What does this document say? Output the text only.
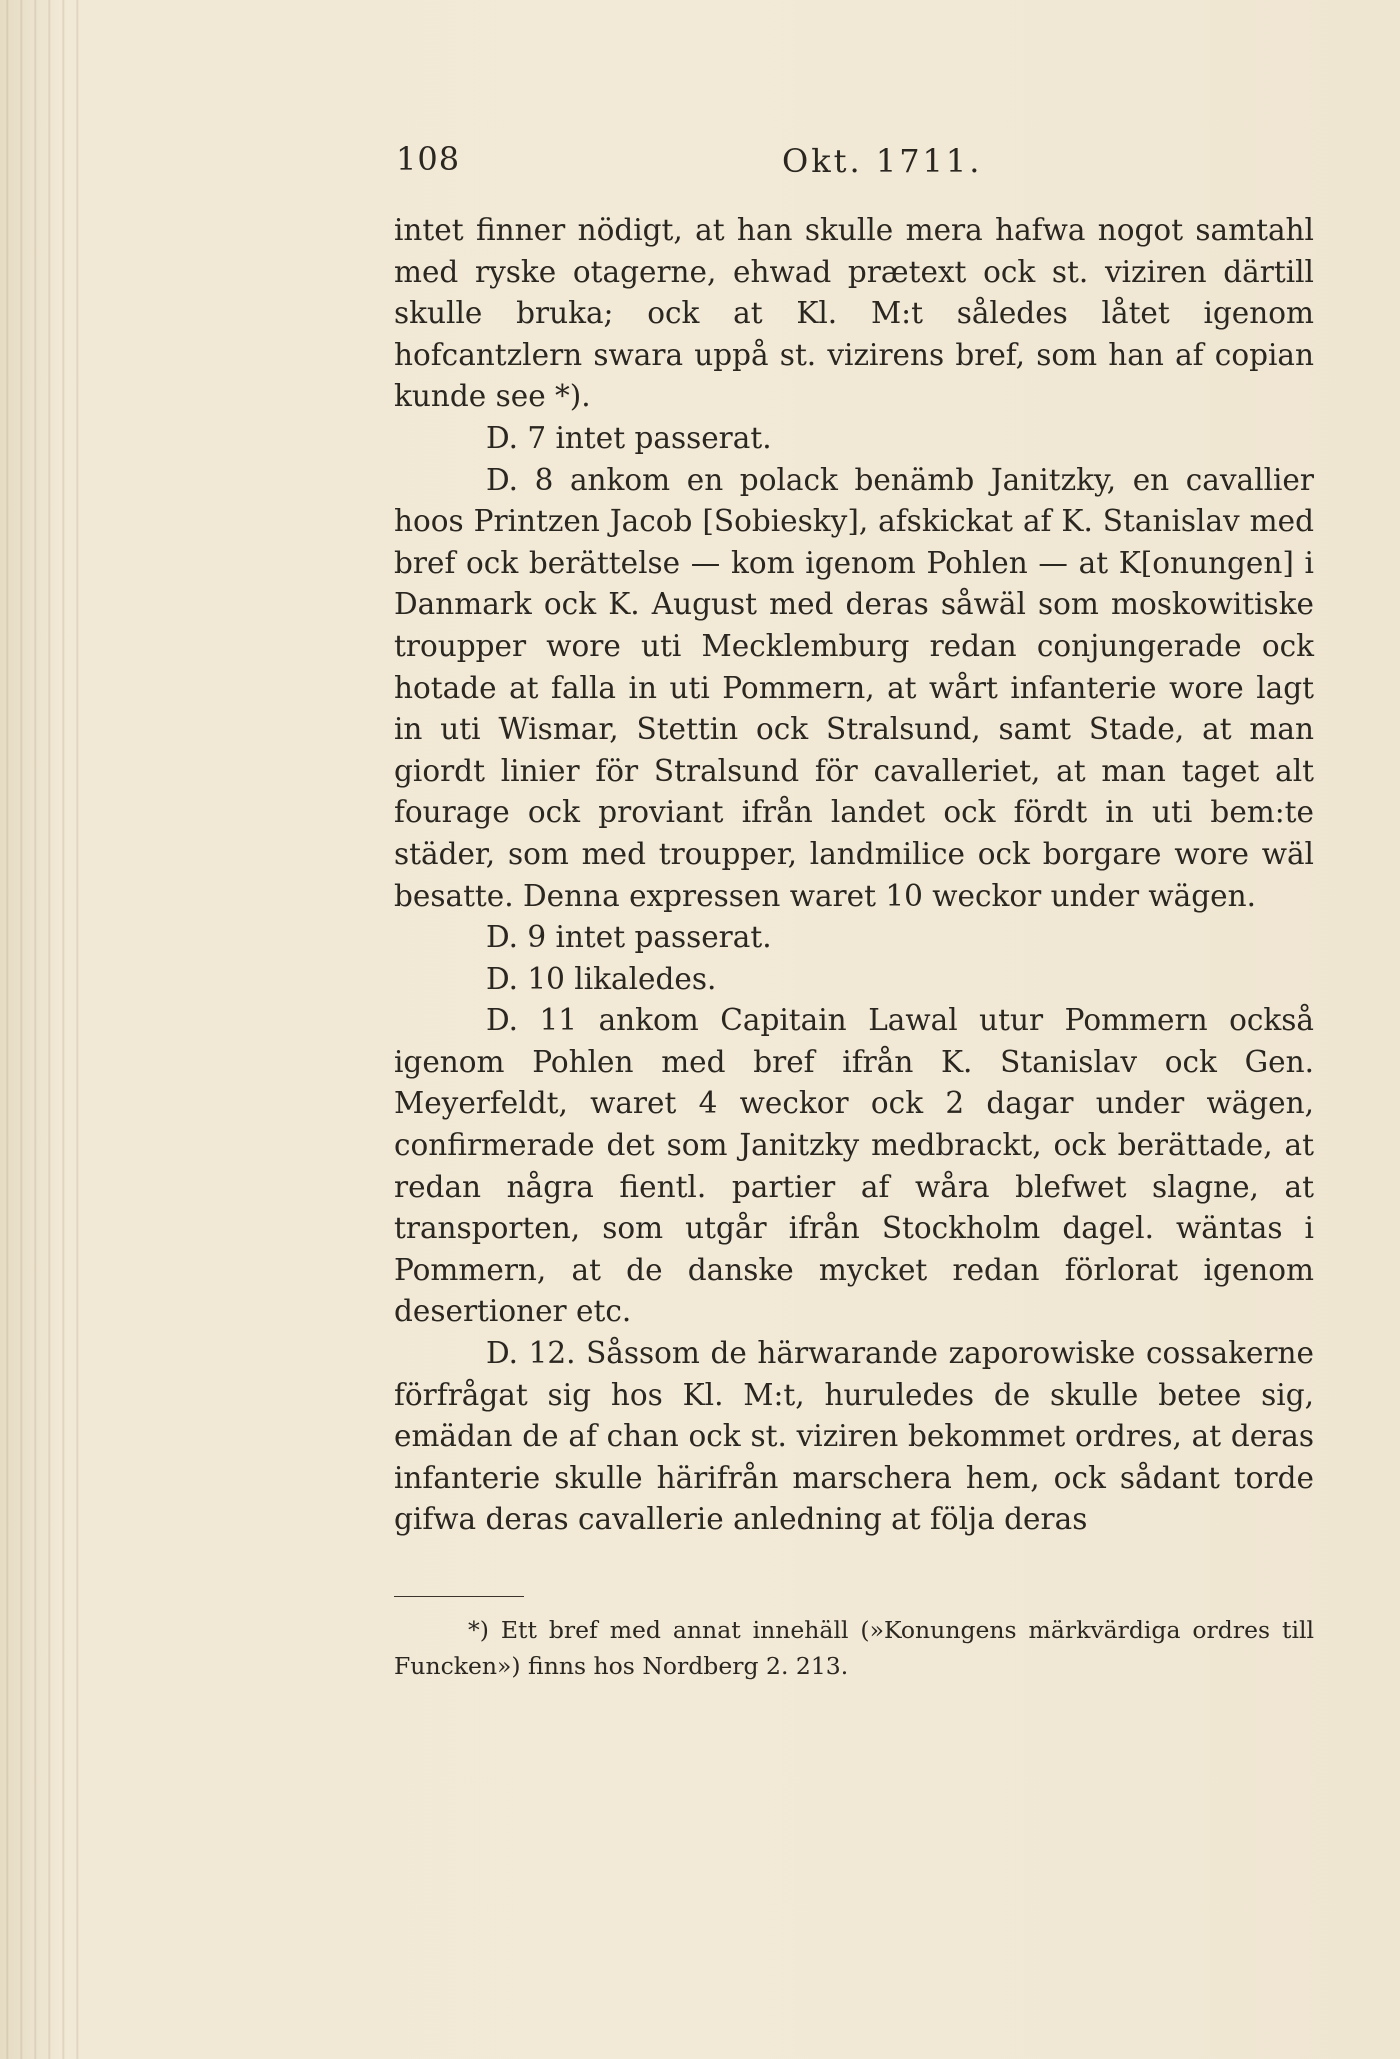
108	Okt. 1711.

intet finner nödigt, at han skulle mera hafwa nogot samtahl med ryske otagerne, ehwad prætext ock st. viziren därtill skulle bruka; ock at Kl. M:t således låtet igenom hofcantzlern swara uppå st. vizirens bref, som han af copian kunde see *).

D. 7 intet passerat.

D. 8 ankom en polack benämb Janitzky, en cavallier hoos Printzen Jacob [Sobiesky], afskickat af K. Stanislav med bref ock berättelse — kom igenom Pohlen — at K[onungen] i Danmark ock K. August med deras såwäl som moskowitiske troupper wore uti Mecklemburg redan conjungerade ock hotade at falla in uti Pommern, at wårt infanterie wore lagt in uti Wismar, Stettin ock Stralsund, samt Stade, at man giordt linier för Stralsund för cavalleriet, at man taget alt fourage ock proviant ifrån landet ock fördt in uti bem:te städer, som med troupper, landmilice ock borgare wore wäl besatte. Denna expressen waret 10 weckor under wägen.

D. 9 intet passerat.

D. 10 likaledes.

D. 11 ankom Capitain Lawal utur Pommern också igenom Pohlen med bref ifrån K. Stanislav ock Gen. Meyerfeldt, waret 4 weckor ock 2 dagar under wägen, confirmerade det som Janitzky medbrackt, ock berättade, at redan några fientl. partier af wåra blefwet slagne, at transporten, som utgår ifrån Stockholm dagel. wäntas i Pommern, at de danske mycket redan förlorat igenom desertioner etc.

D. 12. Såssom de härwarande zaporowiske cossakerne förfrågat sig hos Kl. M:t, huruledes de skulle betee sig, emädan de af chan ock st. viziren bekommet ordres, at deras infanterie skulle härifrån marschera hem, ock sådant torde gifwa deras cavallerie anledning at följa deras

*) Ett bref med annat innehäll (»Konungens märkvärdiga ordres till Funcken») finns hos Nordberg 2. 213.
